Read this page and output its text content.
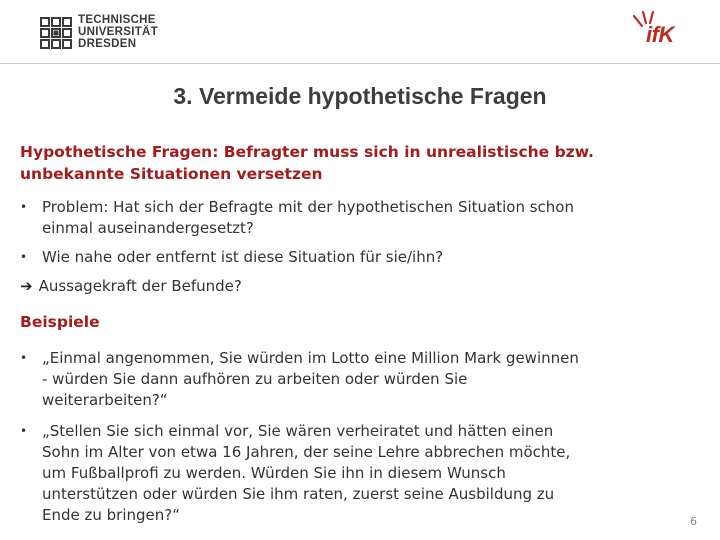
TECHNISCHE
UNIVERSITÄT
DRESDEN	ifK
3. Vermeide hypothetische Fragen
Hypothetische Fragen: Befragter muss sich in unrealistische bzw.
unbekannte Situationen versetzen
• Problem: Hat sich der Befragte mit der hypothetischen Situation schon
einmal auseinandergesetzt?
• Wie nahe oder entfernt ist diese Situation für sie/ihn?
➔ Aussagekraft der Befunde?
Beispiele
• „Einmal angenommen, Sie würden im Lotto eine Million Mark gewinnen
- würden Sie dann aufhören zu arbeiten oder würden Sie
weiterarbeiten?“
• „Stellen Sie sich einmal vor, Sie wären verheiratet und hätten einen
Sohn im Alter von etwa 16 Jahren, der seine Lehre abbrechen möchte,
um Fußballprofi zu werden. Würden Sie ihn in diesem Wunsch
unterstützen oder würden Sie ihm raten, zuerst seine Ausbildung zu
Ende zu bringen?“	6
